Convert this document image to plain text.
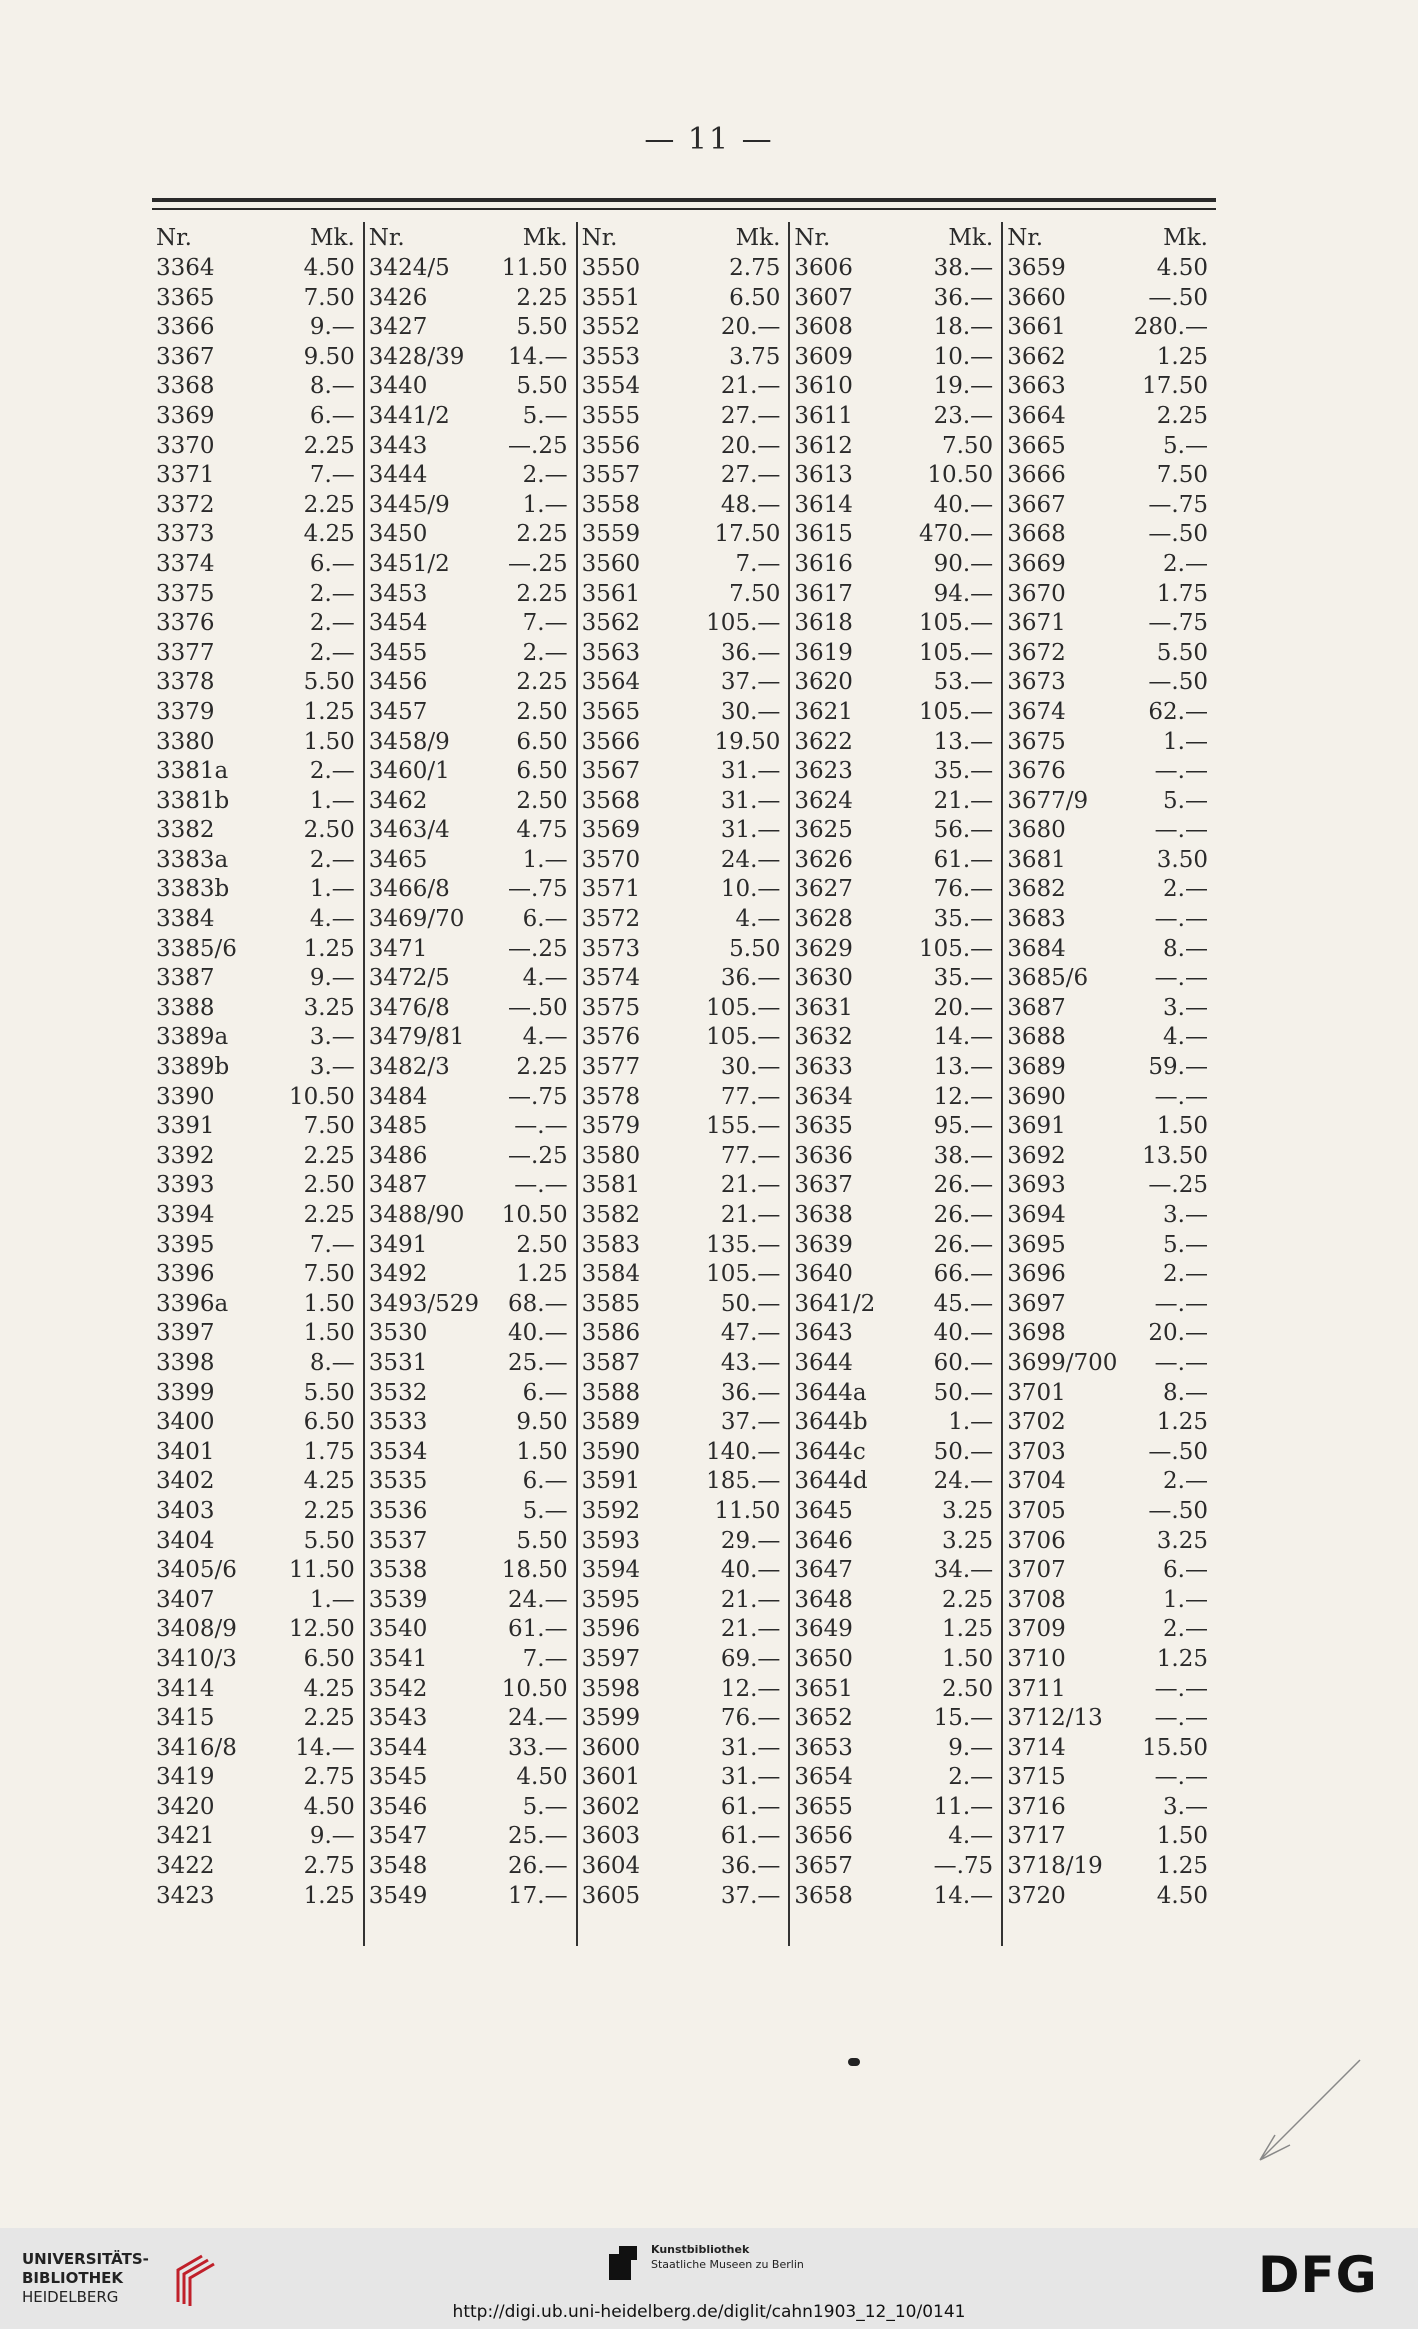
— 11 —
Nr.	Mk.
3364	4.50
3365	7.50
3366	9.—
3367	9.50
3368	8.—
3369	6.—
3370	2.25
3371	7.—
3372	2.25
3373	4.25
3374	6.—
3375	2.—
3376	2.—
3377	2.—
3378	5.50
3379	1.25
3380	1.50
3381a	2.—
3381b	1.—
3382	2.50
3383a	2.—
3383b	1.—
3384	4.—
3385/6	1.25
3387	9.—
3388	3.25
3389a	3.—
3389b	3.—
3390	10.50
3391	7.50
3392	2.25
3393	2.50
3394	2.25
3395	7.—
3396	7.50
3396a	1.50
3397	1.50
3398	8.—
3399	5.50
3400	6.50
3401	1.75
3402	4.25
3403	2.25
3404	5.50
3405/6 11.50
3407	1.—
3408/9 12.50
3410/3	6.50
3414	4.25
3415	2.25
3416/8	14.—
3419	2.75
3420	4.50
3421	9.—
3422	2.75
3423	1.25
Nr.	Mk.
3424/5 11.50
3426	2.25
3427	5.50
3428/39 14.—
3440	5.50
3441/2	5.—
3443	—.25
3444	2.—
3445/9	1.—
3450	2.25
3451/2	—.25
3453	2.25
3454	7.—
3455	2.—
3456	2.25
3457	2.50
3458/9	6.50
3460/1	6.50
3462	2.50
3463/4	4.75
3465	1.—
3466/8	—.75
3469/70	6.—
3471	—.25
3472/5	4.—
3476/8	—.50
3479/81	4.—
3482/3	2.25
3484	—.75
3485	—.—
3486	—.25
3487	—.—
3488/90 10.50
3491	2.50
3492	1.25
3493/529 68.—
3530	40.—
3531	25.—
3532	6.—
3533	9.50
3534	1.50
3535	6.—
3536	5.—
3537	5.50
3538	18.50
3539	24.—
3540	61.—
3541	7.—
3542	10.50
3543	24.—
3544	33.—
3545	4.50
3546	5.—
3547	25.—
3548	26.—
3549	17.—
Nr.	Mk.
3550	2.75
3551	6.50
3552	20.—
3553	3.75
3554	21.—
3555	27.—
3556	20.—
3557	27.—
3558	48.—
3559	17.50
3560	7.—
3561	7.50
3562	105.—
3563	36.—
3564	37.—
3565	30.—
3566	19.50
3567	31.—
3568	31.—
3569	31.—
3570	24.—
3571	10.—
3572	4.—
3573	5.50
3574	36.—
3575	105.—
3576	105.—
3577	30.—
3578	77.—
3579	155.—
3580	77.—
3581	21.—
3582	21.—
3583	135.—
3584	105.—
3585	50.—
3586	47.—
3587	43.—
3588	36.—
3589	37.—
3590	140.—
3591	185.—
3592	11.50
3593	29.—
3594	40.—
3595	21.—
3596	21.—
3597	69.—
3598	12.—
3599	76.—
3600	31.—
3601	31.—
3602	61.—
3603	61.—
3604	36.—
3605	37.—
Nr.	Mk.
3606	38.—
3607	36.—
3608	18.—
3609	10.—
3610	19.—
3611	23.—
3612	7.50
3613	10.50
3614	40.—
3615	470.—
3616	90.—
3617	94.—
3618	105.—
3619	105.—
3620	53.—
3621	105.—
3622	13.—
3623	35.—
3624	21.—
3625	56.—
3626	61.—
3627	76.—
3628	35.—
3629	105.—
3630	35.—
3631	20.—
3632	14.—
3633	13.—
3634	12.—
3635	95.—
3636	38.—
3637	26.—
3638	26.—
3639	26.—
3640	66.—
3641/2	45.—
3643	40.—
3644	60.—
3644a	50.—
3644b	1.—
3644c	50.—
3644d	24.—
3645	3.25
3646	3.25
3647	34.—
3648	2.25
3649	1.25
3650	1.50
3651	2.50
3652	15.—
3653	9.—
3654	2.—
3655	11.—
3656	4.—
3657	—.75
3658	14.—
Nr.	Mk.
3659	4.50
3660	—.50
3661	280.—
3662	1.25
3663	17.50
3664	2.25
3665	5.—
3666	7.50
3667	—.75
3668	—.50
3669	2.—
3670	1.75
3671	—.75
3672	5.50
3673	—.50
3674	62.—
3675	1.—
3676	—.—
3677/9	5.—
3680	—.—
3681	3.50
3682	2.—
3683	—.—
3684	8.—
3685/6	—.—
3687	3.—
3688	4.—
3689	59.—
3690	—.—
3691	1.50
3692	13.50
3693	—.25
3694	3.—
3695	5.—
3696	2.—
3697	—.—
3698	20.—
3699/700 —.—
3701	8.—
3702	1.25
3703	—.50
3704	2.—
3705	—.50
3706	3.25
3707	6.—
3708	1.—
3709	2.—
3710	1.25
3711	—.—
3712/13 —.—
3714	15.50
3715	—.—
3716	3.—
3717	1.50
3718/19 1.25
3720	4.50
UNIVERSITÄTS-
BIBLIOTHEK
HEIDELBERG
Kunstbibliothek
Staatliche Museen zu Berlin	DFG
http://digi.ub.uni-heidelberg.de/diglit/cahn1903_12_10/0141
